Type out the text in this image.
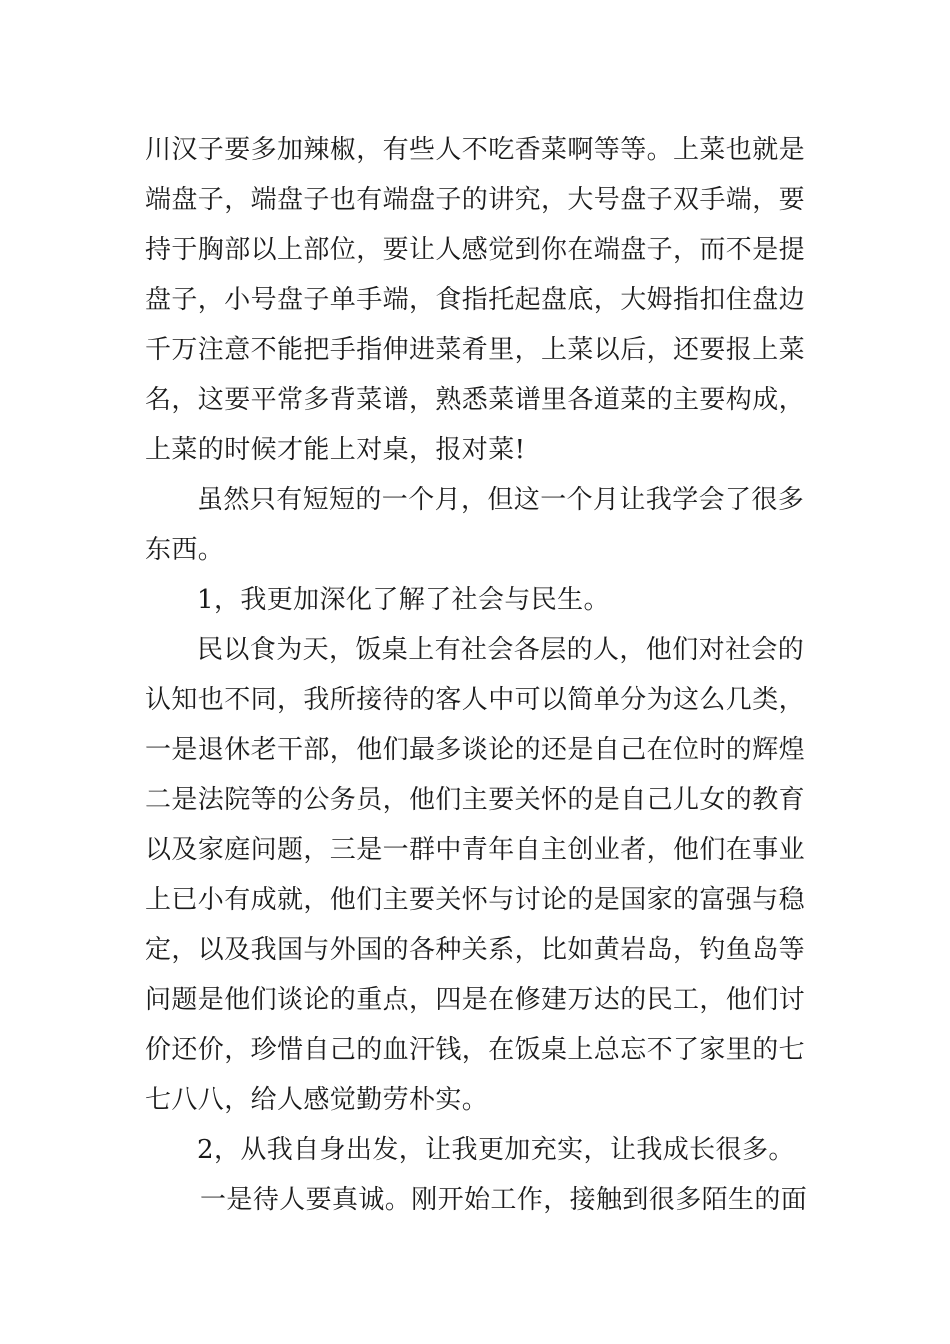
川汉子要多加辣椒，有些人不吃香菜啊等等。上菜也就是
端盘子，端盘子也有端盘子的讲究，大号盘子双手端，要
持于胸部以上部位，要让人感觉到你在端盘子，而不是提
盘子，小号盘子单手端，食指托起盘底，大姆指扣住盘边
千万注意不能把手指伸进菜肴里，上菜以后，还要报上菜
名，这要平常多背菜谱，熟悉菜谱里各道菜的主要构成，
上菜的时候才能上对桌，报对菜!
虽然只有短短的一个月，但这一个月让我学会了很多
东西。
1，我更加深化了解了社会与民生。
民以食为天，饭桌上有社会各层的人，他们对社会的
认知也不同，我所接待的客人中可以简单分为这么几类，
一是退休老干部，他们最多谈论的还是自己在位时的辉煌
二是法院等的公务员，他们主要关怀的是自己儿女的教育
以及家庭问题，三是一群中青年自主创业者，他们在事业
上已小有成就，他们主要关怀与讨论的是国家的富强与稳
定，以及我国与外国的各种关系，比如黄岩岛，钓鱼岛等
问题是他们谈论的重点，四是在修建万达的民工，他们讨
价还价，珍惜自己的血汗钱，在饭桌上总忘不了家里的七
七八八，给人感觉勤劳朴实。
2，从我自身出发，让我更加充实，让我成长很多。
一是待人要真诚。刚开始工作，接触到很多陌生的面
